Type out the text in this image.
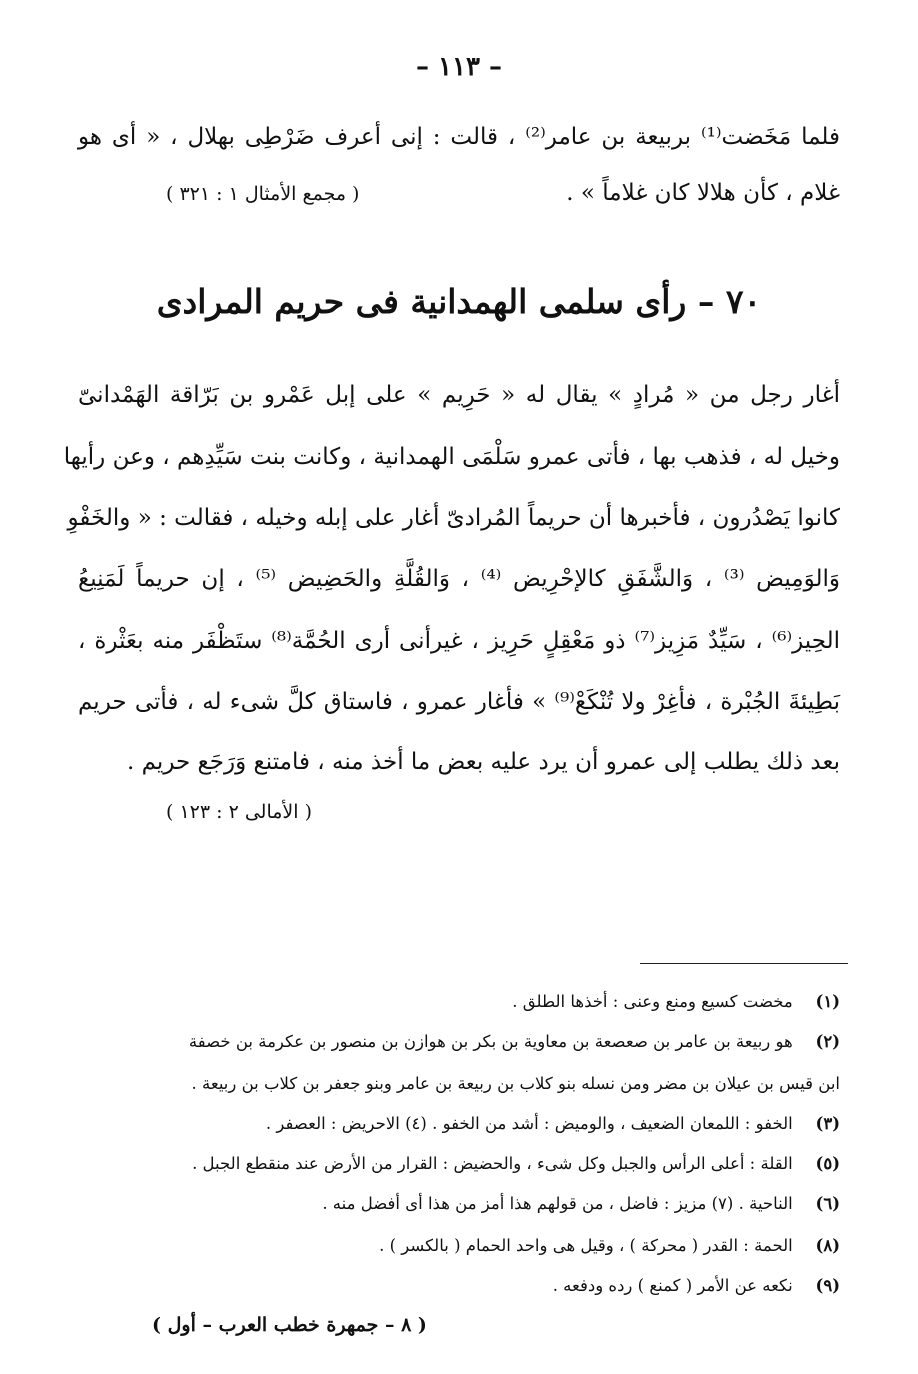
– ١١٣ –
فلما مَخَضت⁽¹⁾ بربيعة بن عامر⁽²⁾ ، قالت : إنى أعرف ضَرْطِى بهلال ، « أى هو
غلام ، كأن هلالا كان غلاماً » .
( مجمع الأمثال ١ : ٣٢١ )
٧٠ – رأى سلمى الهمدانية فى حريم المرادى
أغار رجل من « مُرادٍ » يقال له « حَرِيم » على إبل عَمْرو بن بَرّاقة الهَمْدانىّ
وخيل له ، فذهب بها ، فأتى عمرو سَلْمَى الهمدانية ، وكانت بنت سَيِّدِهم ، وعن رأيها
كانوا يَصْدُرون ، فأخبرها أن حريماً المُرادىّ أغار على إبله وخيله ، فقالت : « والخَفْوِ
وَالوَمِيض ⁽³⁾ ، وَالشَّفَقِ كالإحْرِيض ⁽⁴⁾ ، وَالقُلَّةِ والحَضِيض ⁽⁵⁾ ، إن حريماً لَمَنِيعُ
الحِيز⁽⁶⁾ ، سَيِّدٌ مَزِيز⁽⁷⁾ ذو مَعْقِلٍ حَرِيز ، غيرأنى أرى الحُمَّة⁽⁸⁾ ستَظْفَر منه بعَثْرة ،
بَطِيئةَ الجُبْرة ، فأغِرْ ولا تُنْكَعْ⁽⁹⁾ » فأغار عمرو ، فاستاق كلَّ شىء له ، فأتى حريم
بعد ذلك يطلب إلى عمرو أن يرد عليه بعض ما أخذ منه ، فامتنع وَرَجَع حريم .
( الأمالى ٢ : ١٢٣ )
(١) مخضت كسيع ومنع وعنى : أخذها الطلق .
(٢) هو ربيعة بن عامر بن صعصعة بن معاوية بن بكر بن هوازن بن منصور بن عكرمة بن خصفة
ابن قيس بن عيلان بن مضر ومن نسله بنو كلاب بن ربيعة بن عامر وبنو جعفر بن كلاب بن ربيعة .
(٣) الخفو : اللمعان الضعيف ، والوميض : أشد من الخفو . (٤) الاحريض : العصفر .
(٥) القلة : أعلى الرأس والجبل وكل شىء ، والحضيض : القرار من الأرض عند منقطع الجبل .
(٦) الناحية . (٧) مزيز : فاضل ، من قولهم هذا أمز من هذا أى أفضل منه .
(٨) الحمة : القدر ( محركة ) ، وقيل هى واحد الحمام ( بالكسر ) .
(٩) نكعه عن الأمر ( كمنع ) رده ودفعه .
( ٨ – جمهرة خطب العرب – أول )
